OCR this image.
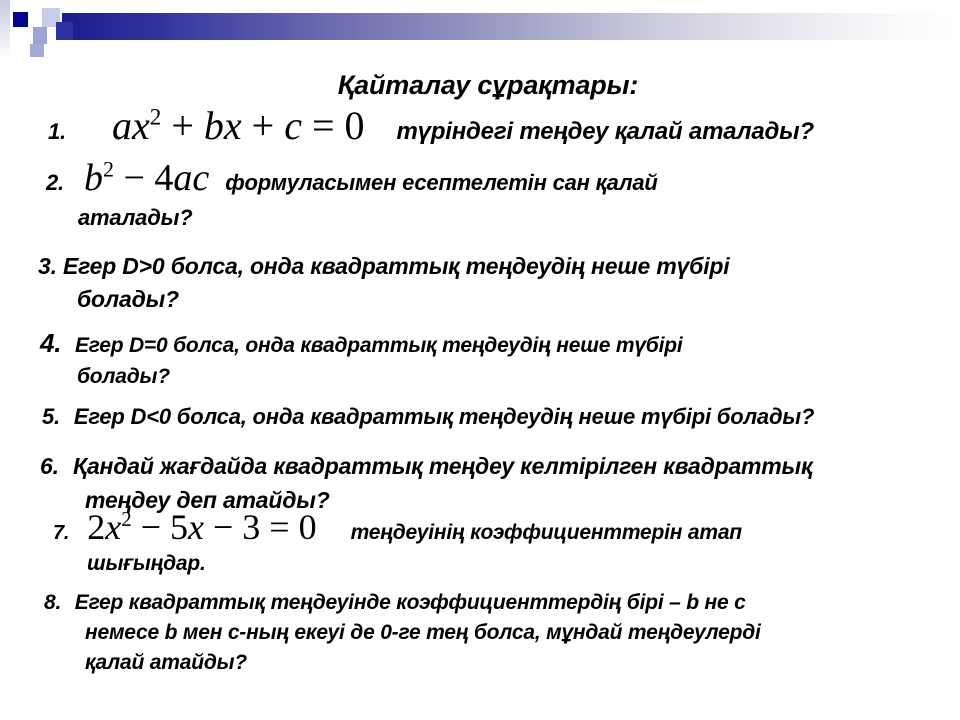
Қайталау сұрақтары:
1. $ax^2$ + bx + c = 0 түріндегі теңдеу қалай аталады?
2. $b^2 - 4ac$ формуласымен есептелетін сан қалай
аталады?
3. Егер D>0 болса, онда квадраттық теңдеудің неше түбірі
болады?
4. Егер D=0 болса, онда квадраттық теңдеудің неше түбірі
болады?
5. Егер D<0 болса, онда квадраттық теңдеудің неше түбірі болады?
6. Қандай жағдайда квадраттық теңдеу келтірілген квадраттық
теңдеу деп атайды?
7. $2x^2 - 5x - 3 = 0$ теңдеуінің коэффициенттерін атап
шығыңдар.
8. Егер квадраттық теңдеуінде коэффициенттердің бірі – b не с
немесе b мен с-ның екеуі де 0-ге тең болса, мұндай теңдеулерді
қалай атайды?
